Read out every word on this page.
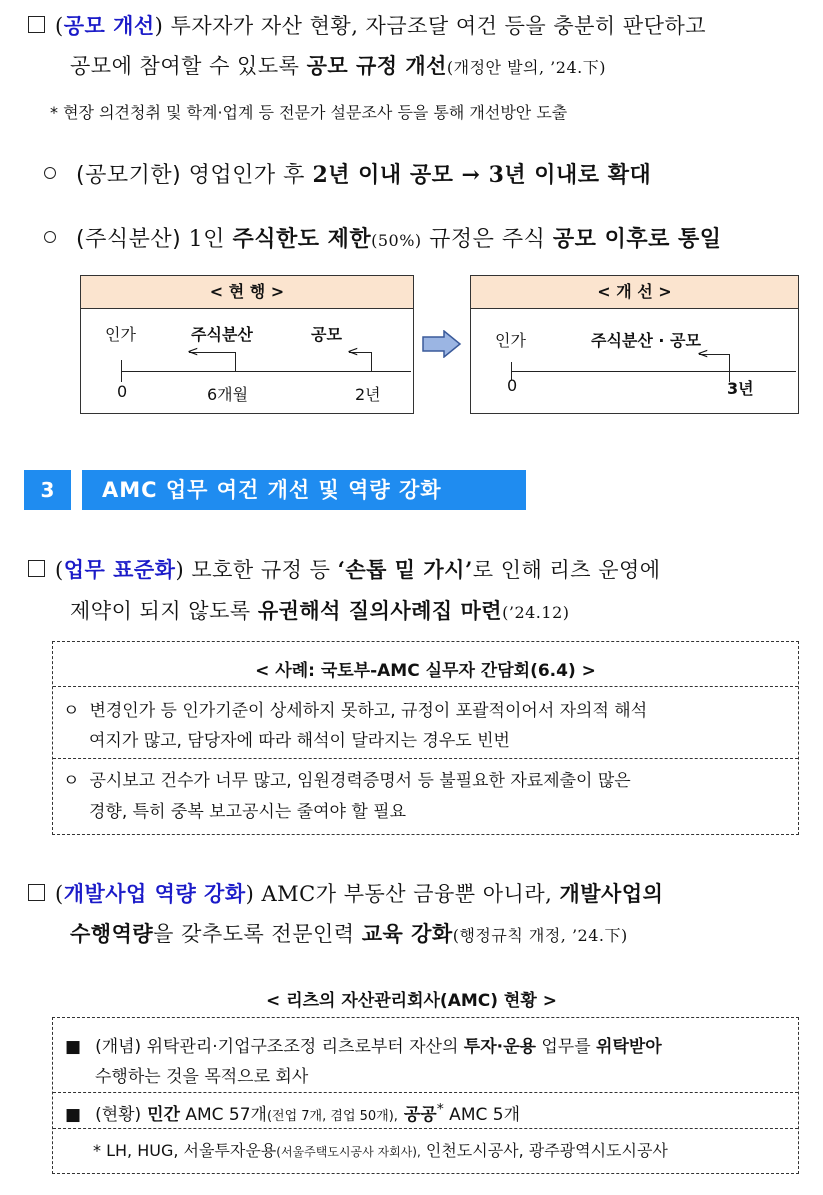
(공모 개선) 투자자가 자산 현황, 자금조달 여건 등을 충분히 판단하고
공모에 참여할 수 있도록 공모 규정 개선(개정안 발의, ’24.下)
* 현장 의견청취 및 학계·업계 등 전문가 설문조사 등을 통해 개선방안 도출
(공모기한) 영업인가 후 2년 이내 공모 → 3년 이내로 확대
(주식분산) 1인 주식한도 제한(50%) 규정은 주식 공모 이후로 통일
< 현 행 >
인가	주식분산	공모
<	<
0	6개월	2년
< 개 선 >
인가	주식분산 · 공모
<
0	3년
3	AMC 업무 여건 개선 및 역량 강화
(업무 표준화) 모호한 규정 등 ‘손톱 밑 가시’로 인해 리츠 운영에
제약이 되지 않도록 유권해석 질의사례집 마련(’24.12)
< 사례: 국토부-AMC 실무자 간담회(6.4) >
ㅇ 변경인가 등 인가기준이 상세하지 못하고, 규정이 포괄적이어서 자의적 해석
여지가 많고, 담당자에 따라 해석이 달라지는 경우도 빈번
ㅇ 공시보고 건수가 너무 많고, 임원경력증명서 등 불필요한 자료제출이 많은
경향, 특히 중복 보고공시는 줄여야 할 필요
(개발사업 역량 강화) AMC가 부동산 금융뿐 아니라, 개발사업의
수행역량을 갖추도록 전문인력 교육 강화(행정규칙 개정, ’24.下)
< 리츠의 자산관리회사(AMC) 현황 >
■ (개념) 위탁관리·기업구조조정 리츠로부터 자산의 투자·운용 업무를 위탁받아
수행하는 것을 목적으로 회사
■ (현황) 민간 AMC 57개(전업 7개, 겸업 50개), 공공* AMC 5개
* LH, HUG, 서울투자운용(서울주택도시공사 자회사), 인천도시공사, 광주광역시도시공사
